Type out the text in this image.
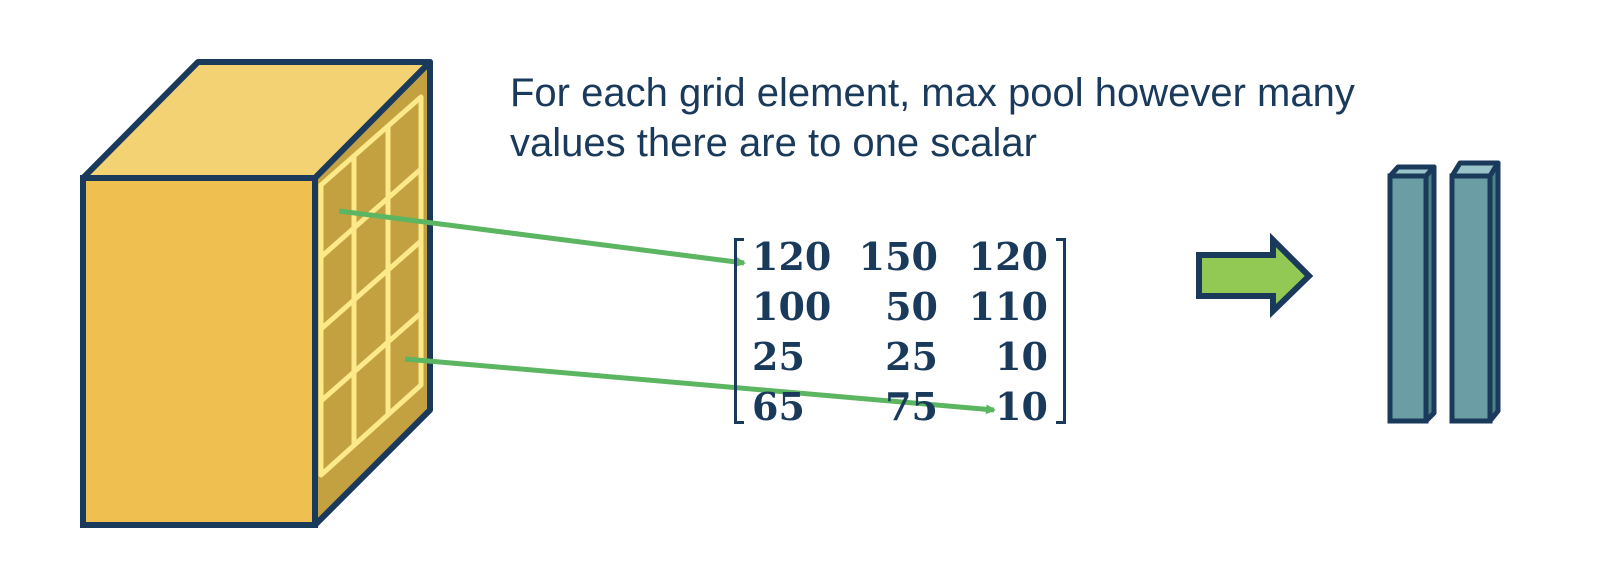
For each grid element, max pool however many
values there are to one scalar
120 150 120
100	50 110
25	25	10
65	75	10
